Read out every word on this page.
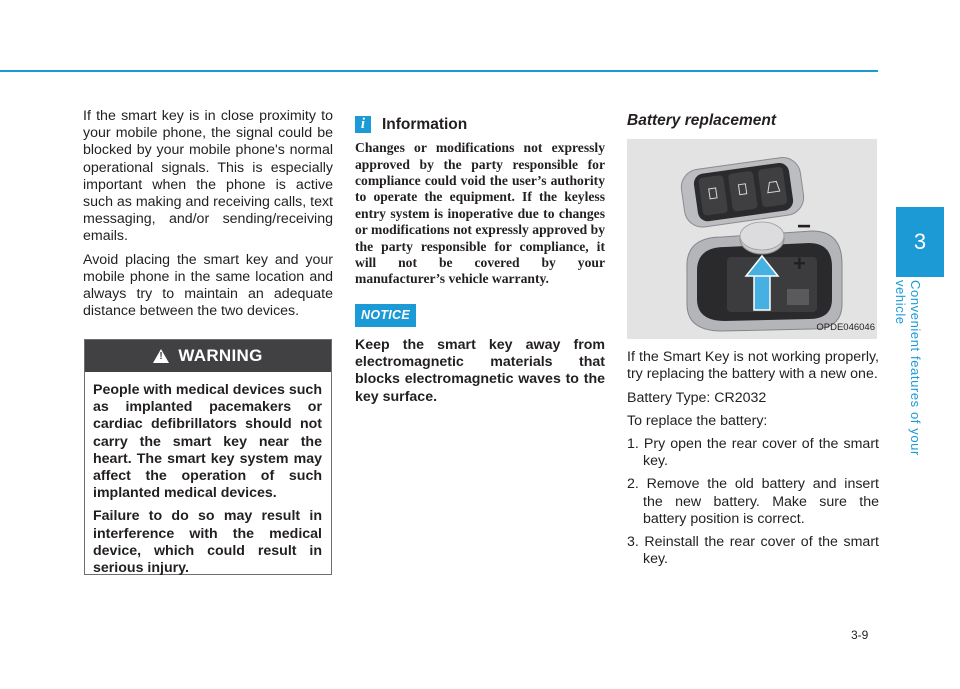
If the smart key is in close proximity to your mobile phone, the signal could be blocked by your mobile phone's normal operational signals. This is especially important when the phone is active such as making and receiving calls, text messaging, and/or sending/receiving emails.

Avoid placing the smart key and your mobile phone in the same location and always try to maintain an adequate distance between the two devices.

!
WARNING

People with medical devices such as implanted pacemakers or cardiac defibrillators should not carry the smart key near the heart. The smart key system may affect the operation of such implanted medical devices.

Failure to do so may result in interference with the medical device, which could result in serious injury.

i	Information
Changes or modifications not expressly approved by the party responsible for compliance could void the user’s authority to operate the equipment. If the keyless entry system is inoperative due to changes or modifications not expressly approved by the party responsible for compliance, it will not be covered by your manufacturer’s vehicle warranty.
NOTICE

Keep the smart key away from electromagnetic materials that blocks electromagnetic waves to the key surface.

Battery replacement
−
+
OPDE046046

If the Smart Key is not working properly, try replacing the battery with a new one.

Battery Type: CR2032

To replace the battery:

1. Pry open the rear cover of the smart key.

2. Remove the old battery and insert the new battery. Make sure the battery position is correct.

3. Reinstall the rear cover of the smart key.

3
Convenient features of your vehicle
3-9
